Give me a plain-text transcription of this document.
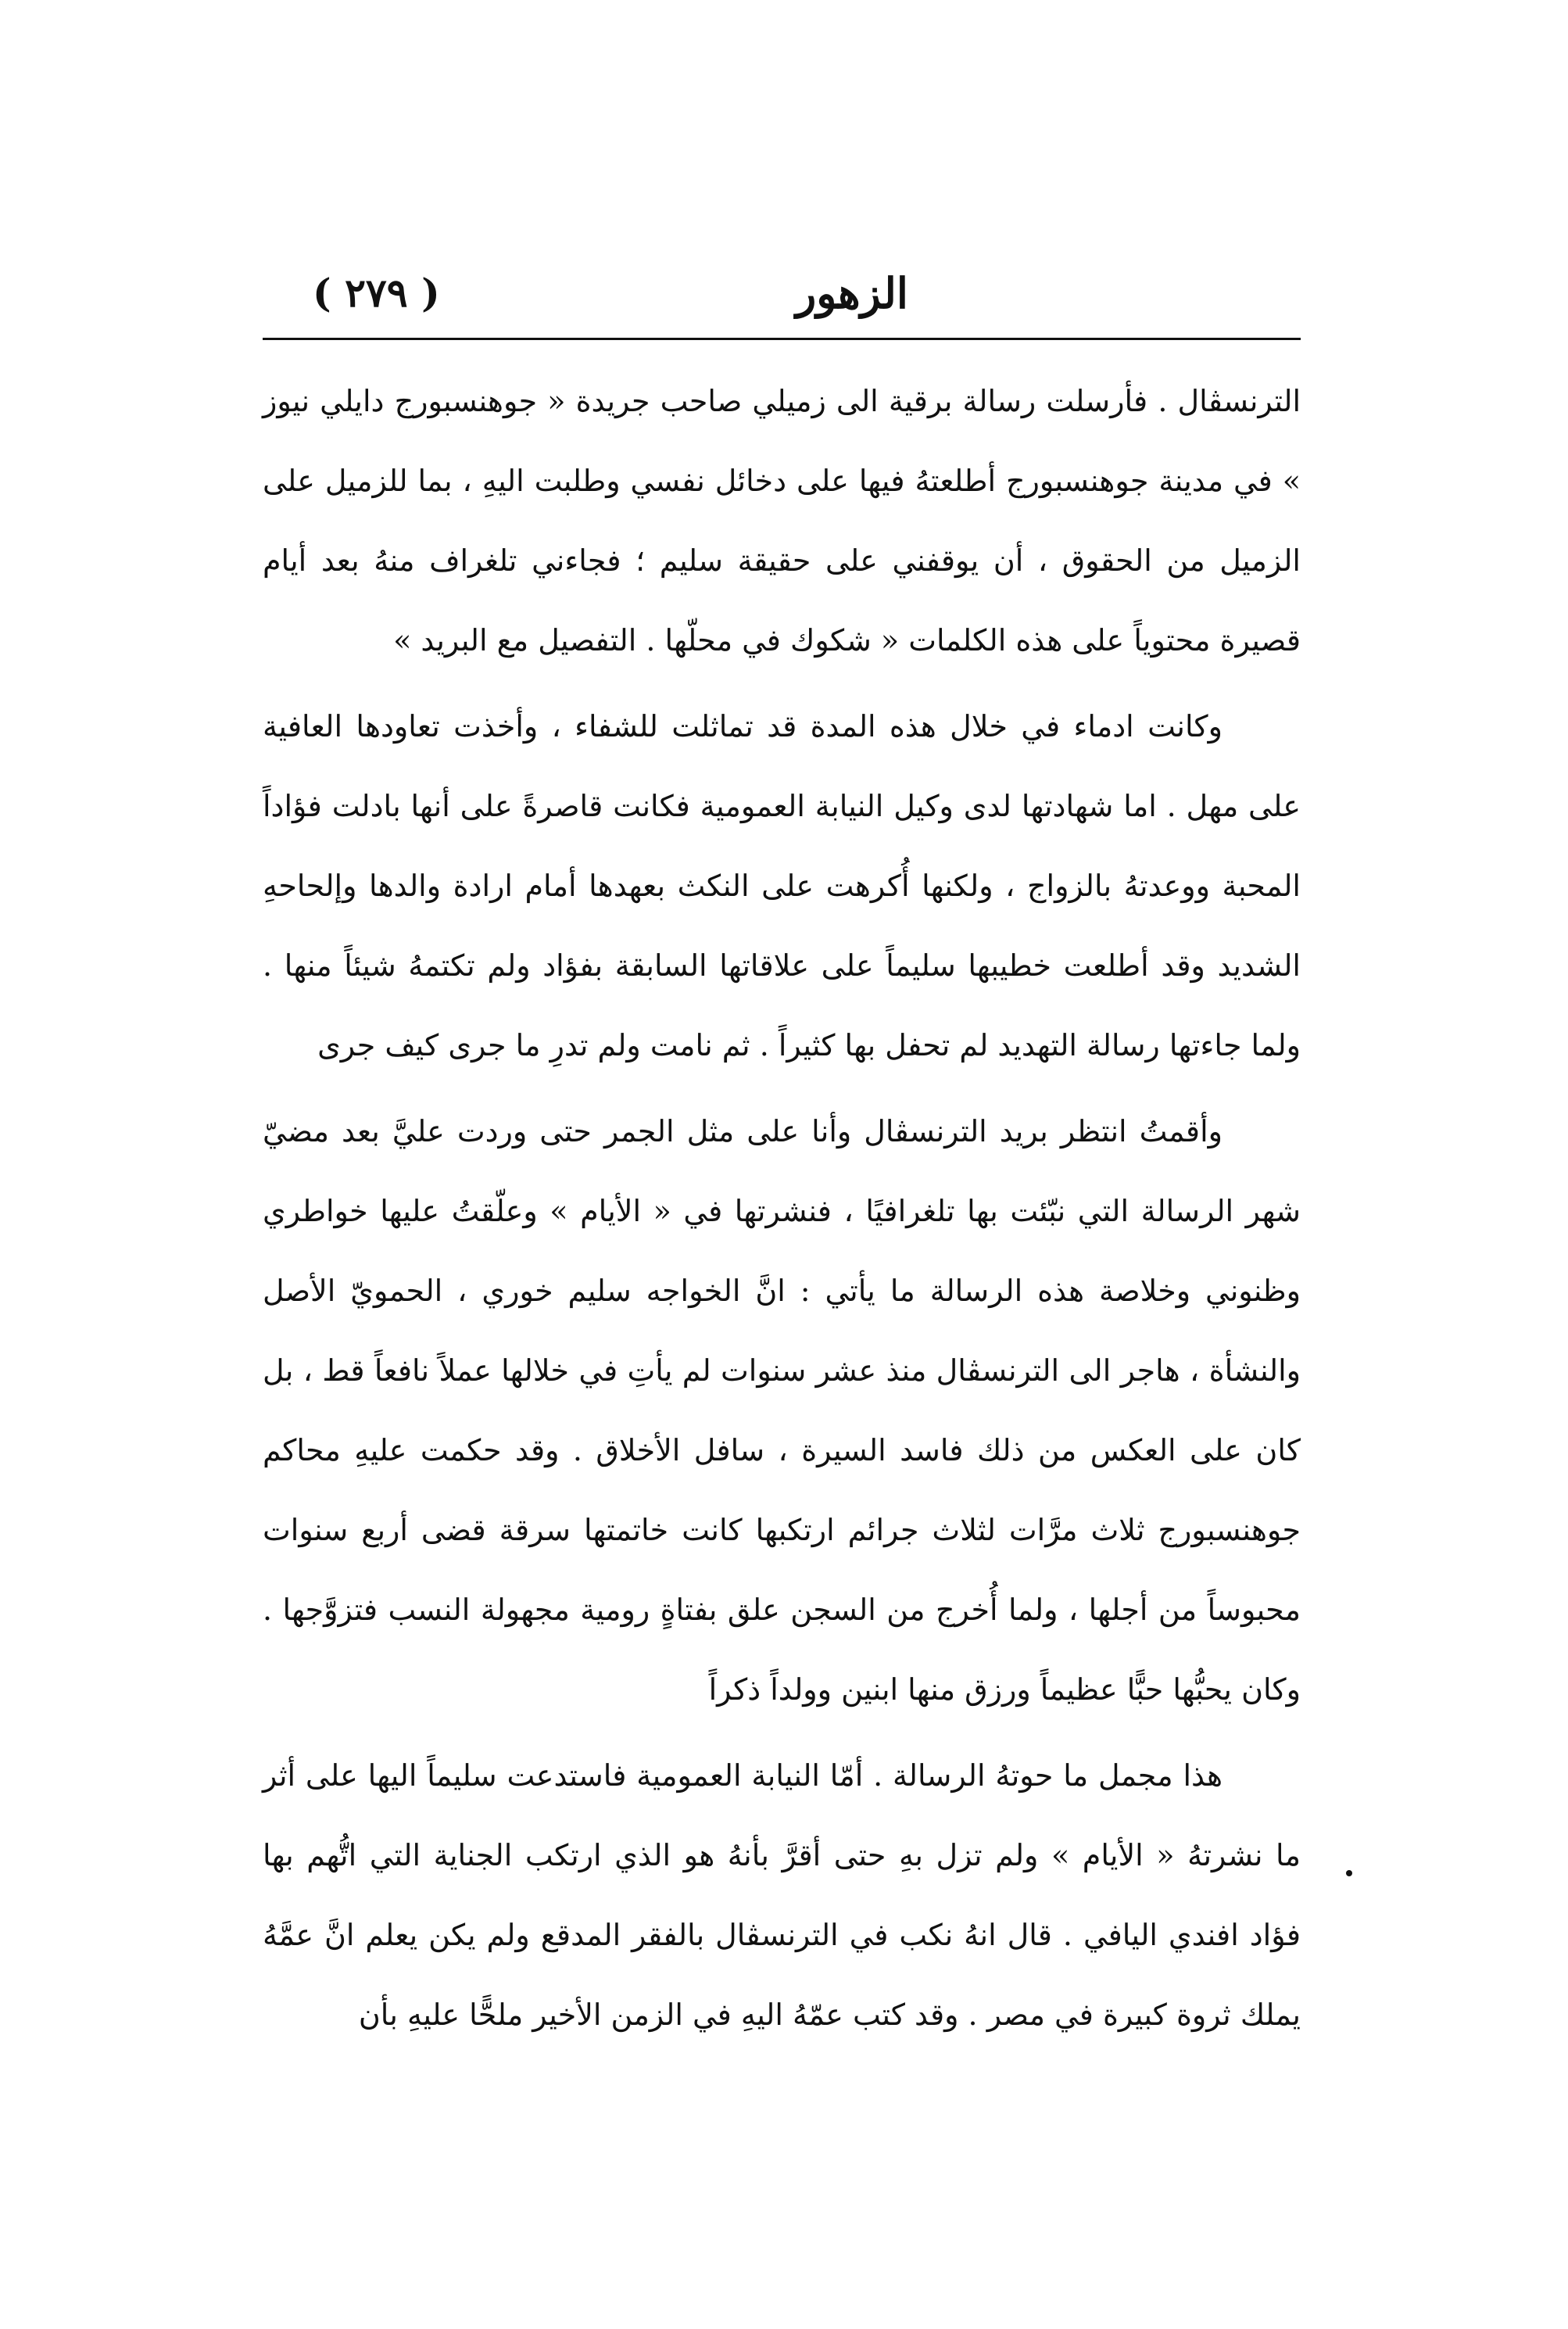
الزهور
( ٢٧٩ )

الترنسڤال . فأرسلت رسالة برقية الى زميلي صاحب جريدة « جوهنسبورج دايلي نيوز » في مدينة جوهنسبورج أطلعتهُ فيها على دخائل نفسي وطلبت اليهِ ، بما للزميل على الزميل من الحقوق ، أن يوقفني على حقيقة سليم ؛ فجاءني تلغراف منهُ بعد أيام قصيرة محتوياً على هذه الكلمات « شكوك في محلّها . التفصيل مع البريد »

وكانت ادماء في خلال هذه المدة قد تماثلت للشفاء ، وأخذت تعاودها العافية على مهل . اما شهادتها لدى وكيل النيابة العمومية فكانت قاصرةً على أنها بادلت فؤاداً المحبة ووعدتهُ بالزواج ، ولكنها أُكرهت على النكث بعهدها أمام ارادة والدها وإلحاحهِ الشديد وقد أطلعت خطيبها سليماً على علاقاتها السابقة بفؤاد ولم تكتمهُ شيئاً منها . ولما جاءتها رسالة التهديد لم تحفل بها كثيراً . ثم نامت ولم تدرِ ما جرى كيف جرى

وأقمتُ انتظر بريد الترنسڤال وأنا على مثل الجمر حتى وردت عليَّ بعد مضيّ شهر الرسالة التي نبّئت بها تلغرافيًا ، فنشرتها في « الأيام » وعلّقتُ عليها خواطري وظنوني وخلاصة هذه الرسالة ما يأتي : انَّ الخواجه سليم خوري ، الحمويّ الأصل والنشأة ، هاجر الى الترنسڤال منذ عشر سنوات لم يأتِ في خلالها عملاً نافعاً قط ، بل كان على العكس من ذلك فاسد السيرة ، سافل الأخلاق . وقد حكمت عليهِ محاكم جوهنسبورج ثلاث مرَّات لثلاث جرائم ارتكبها كانت خاتمتها سرقة قضى أربع سنوات محبوساً من أجلها ، ولما أُخرج من السجن علق بفتاةٍ رومية مجهولة النسب فتزوَّجها . وكان يحبُّها حبًّا عظيماً ورزق منها ابنين وولداً ذكراً

هذا مجمل ما حوتهُ الرسالة . أمّا النيابة العمومية فاستدعت سليماً اليها على أثر ما نشرتهُ « الأيام » ولم تزل بهِ حتى أقرَّ بأنهُ هو الذي ارتكب الجناية التي اتُّهم بها فؤاد افندي اليافي . قال انهُ نكب في الترنسڤال بالفقر المدقع ولم يكن يعلم انَّ عمَّهُ يملك ثروة كبيرة في مصر . وقد كتب عمّهُ اليهِ في الزمن الأخير ملحًّا عليهِ بأن
